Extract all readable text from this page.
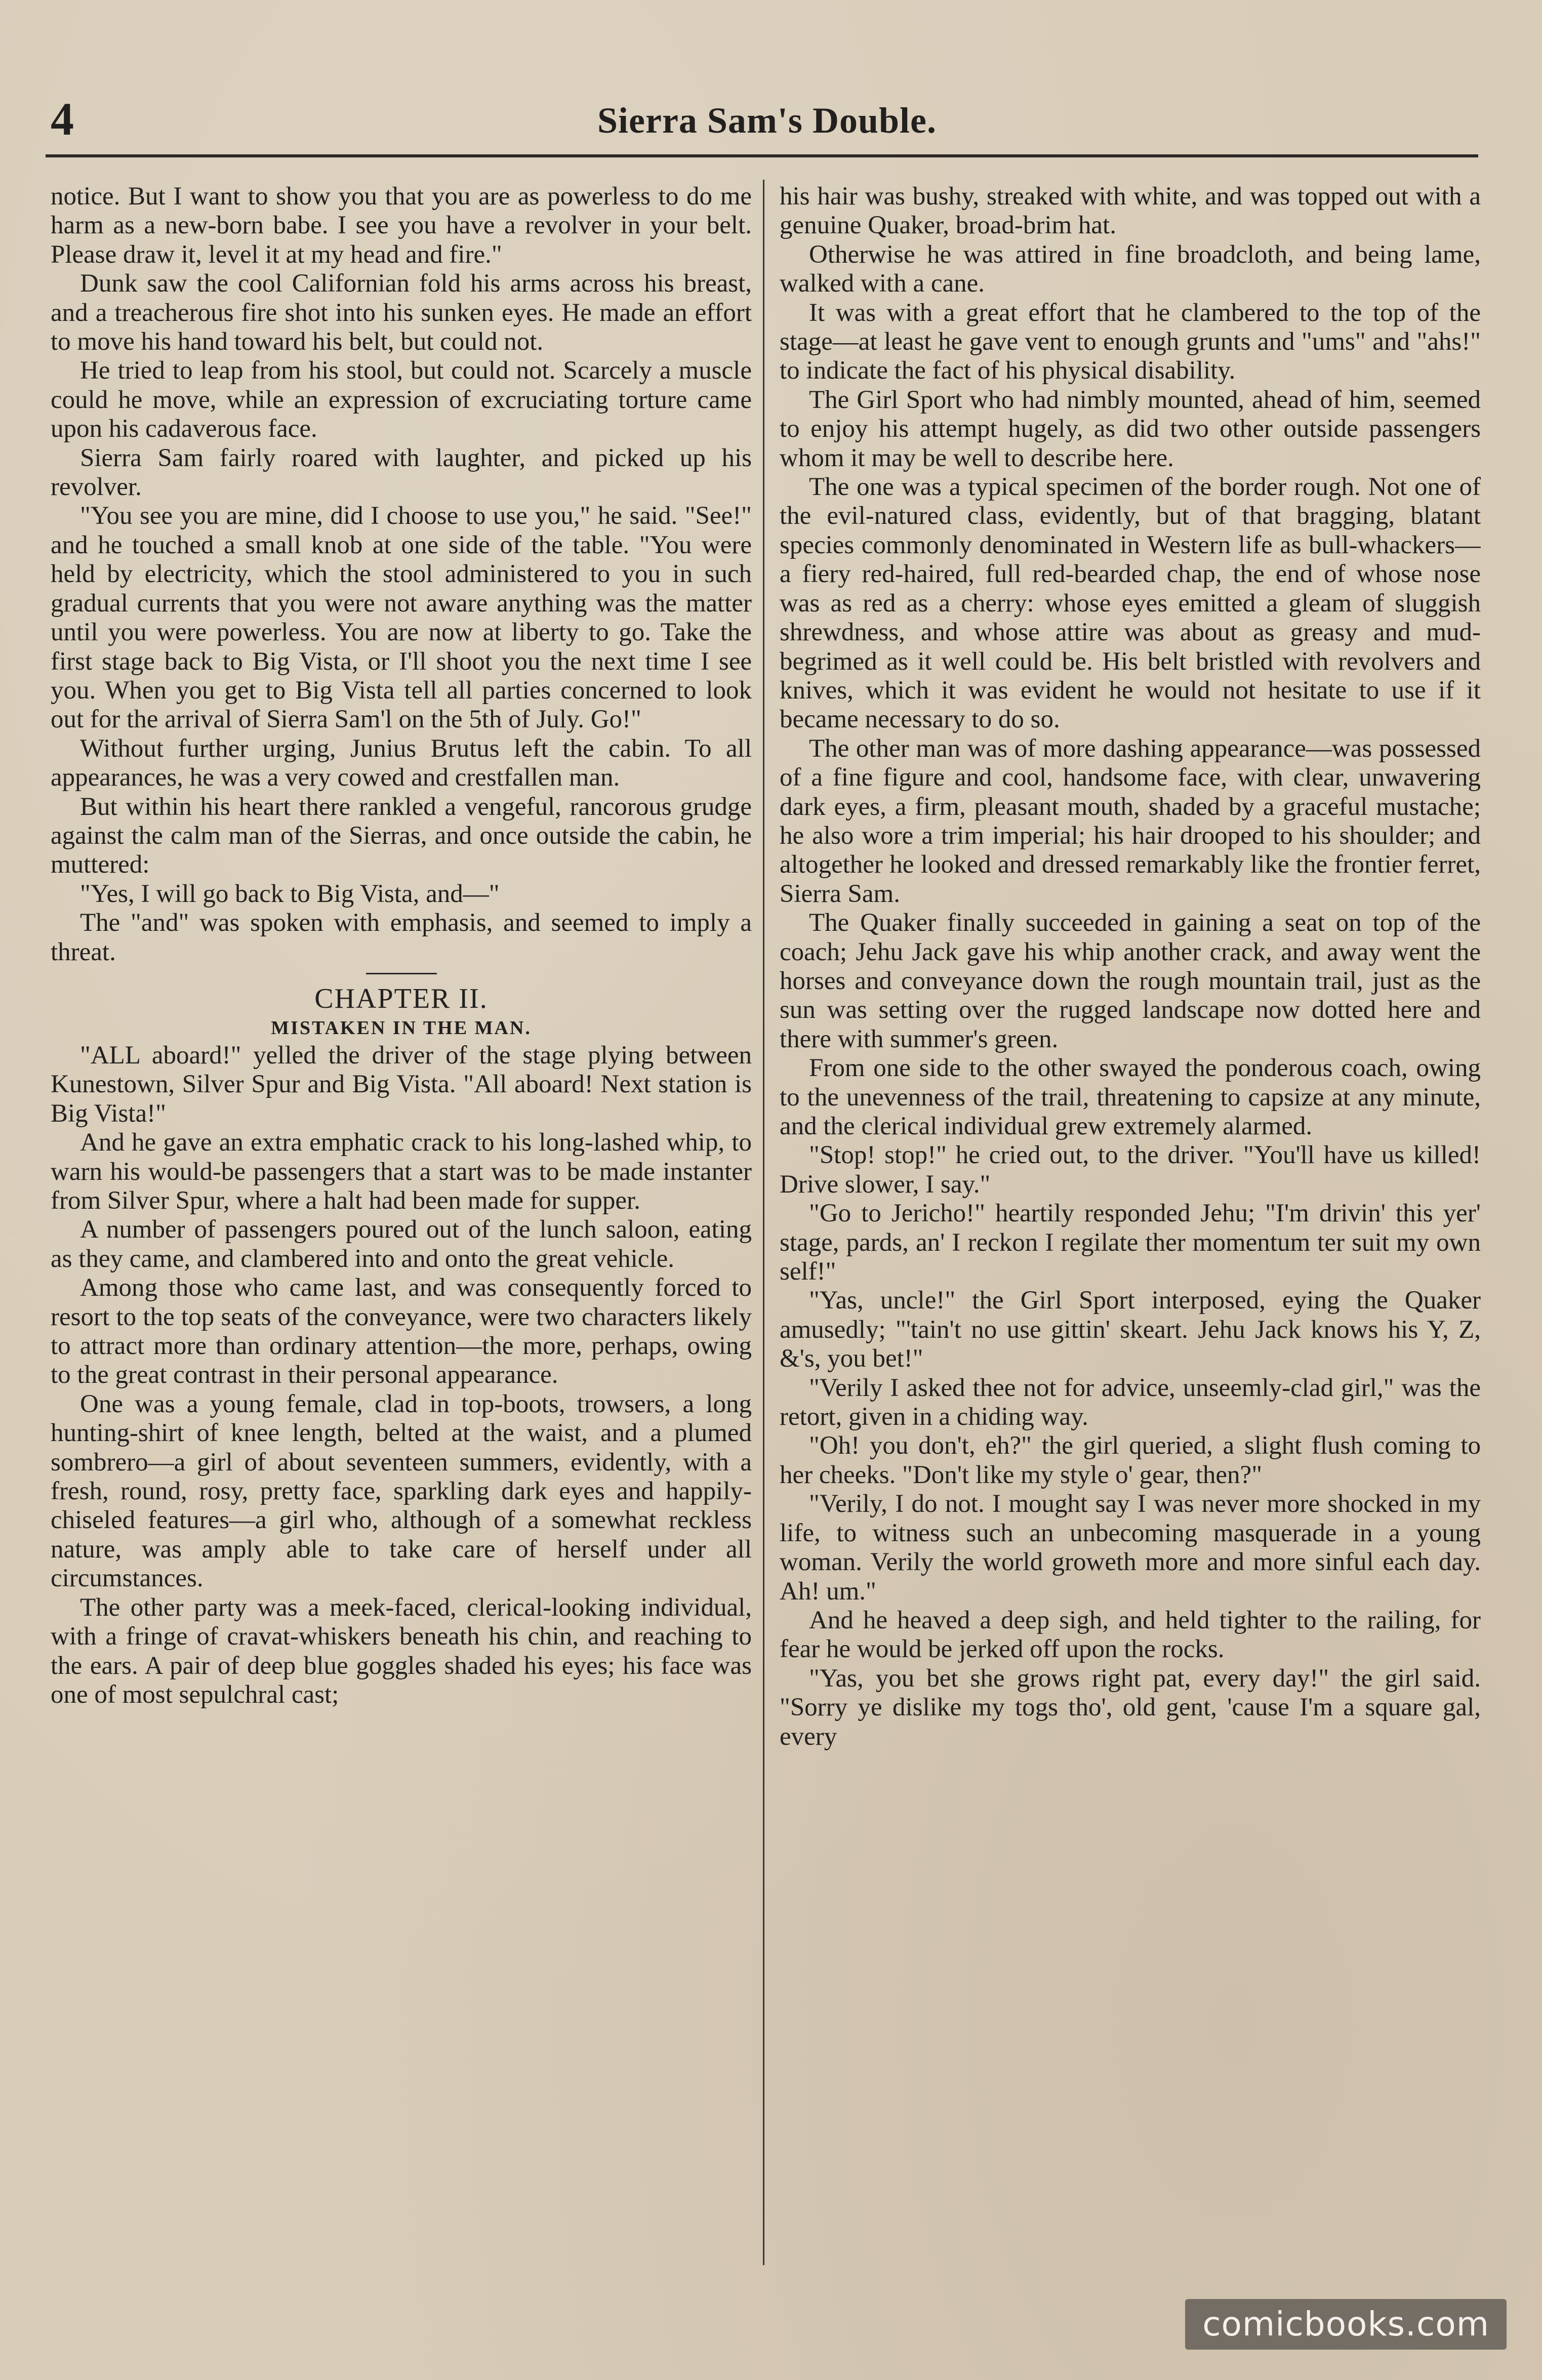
4	Sierra Sam's Double.

notice. But I want to show you that you are as powerless to do me harm as a new-born babe. I see you have a revolver in your belt. Please draw it, level it at my head and fire."

Dunk saw the cool Californian fold his arms across his breast, and a treacherous fire shot into his sunken eyes. He made an effort to move his hand toward his belt, but could not.

He tried to leap from his stool, but could not. Scarcely a muscle could he move, while an expression of excruciating torture came upon his cadaverous face.

Sierra Sam fairly roared with laughter, and picked up his revolver.

"You see you are mine, did I choose to use you," he said. "See!" and he touched a small knob at one side of the table. "You were held by electricity, which the stool administered to you in such gradual currents that you were not aware anything was the matter until you were powerless. You are now at liberty to go. Take the first stage back to Big Vista, or I'll shoot you the next time I see you. When you get to Big Vista tell all parties concerned to look out for the arrival of Sierra Sam'l on the 5th of July. Go!"

Without further urging, Junius Brutus left the cabin. To all appearances, he was a very cowed and crestfallen man.

But within his heart there rankled a vengeful, rancorous grudge against the calm man of the Sierras, and once outside the cabin, he muttered:

"Yes, I will go back to Big Vista, and—"

The "and" was spoken with emphasis, and seemed to imply a threat.

CHAPTER II.
MISTAKEN IN THE MAN.

"ALL aboard!" yelled the driver of the stage plying between Kunestown, Silver Spur and Big Vista. "All aboard! Next station is Big Vista!"

And he gave an extra emphatic crack to his long-lashed whip, to warn his would-be passengers that a start was to be made instanter from Silver Spur, where a halt had been made for supper.

A number of passengers poured out of the lunch saloon, eating as they came, and clambered into and onto the great vehicle.

Among those who came last, and was consequently forced to resort to the top seats of the conveyance, were two characters likely to attract more than ordinary attention—the more, perhaps, owing to the great contrast in their personal appearance.

One was a young female, clad in top-boots, trowsers, a long hunting-shirt of knee length, belted at the waist, and a plumed sombrero—a girl of about seventeen summers, evidently, with a fresh, round, rosy, pretty face, sparkling dark eyes and happily-chiseled features—a girl who, although of a somewhat reckless nature, was amply able to take care of herself under all circumstances.

The other party was a meek-faced, clerical-looking individual, with a fringe of cravat-whiskers beneath his chin, and reaching to the ears. A pair of deep blue goggles shaded his eyes; his face was one of most sepulchral cast;

his hair was bushy, streaked with white, and was topped out with a genuine Quaker, broad-brim hat.

Otherwise he was attired in fine broadcloth, and being lame, walked with a cane.

It was with a great effort that he clambered to the top of the stage—at least he gave vent to enough grunts and "ums" and "ahs!" to indicate the fact of his physical disability.

The Girl Sport who had nimbly mounted, ahead of him, seemed to enjoy his attempt hugely, as did two other outside passengers whom it may be well to describe here.

The one was a typical specimen of the border rough. Not one of the evil-natured class, evidently, but of that bragging, blatant species commonly denominated in Western life as bull-whackers—a fiery red-haired, full red-bearded chap, the end of whose nose was as red as a cherry: whose eyes emitted a gleam of sluggish shrewdness, and whose attire was about as greasy and mud-begrimed as it well could be. His belt bristled with revolvers and knives, which it was evident he would not hesitate to use if it became necessary to do so.

The other man was of more dashing appearance—was possessed of a fine figure and cool, handsome face, with clear, unwavering dark eyes, a firm, pleasant mouth, shaded by a graceful mustache; he also wore a trim imperial; his hair drooped to his shoulder; and altogether he looked and dressed remarkably like the frontier ferret, Sierra Sam.

The Quaker finally succeeded in gaining a seat on top of the coach; Jehu Jack gave his whip another crack, and away went the horses and conveyance down the rough mountain trail, just as the sun was setting over the rugged landscape now dotted here and there with summer's green.

From one side to the other swayed the ponderous coach, owing to the unevenness of the trail, threatening to capsize at any minute, and the clerical individual grew extremely alarmed.

"Stop! stop!" he cried out, to the driver. "You'll have us killed! Drive slower, I say."

"Go to Jericho!" heartily responded Jehu; "I'm drivin' this yer' stage, pards, an' I reckon I regilate ther momentum ter suit my own self!"

"Yas, uncle!" the Girl Sport interposed, eying the Quaker amusedly; "'tain't no use gittin' skeart. Jehu Jack knows his Y, Z, &'s, you bet!"

"Verily I asked thee not for advice, unseemly-clad girl," was the retort, given in a chiding way.

"Oh! you don't, eh?" the girl queried, a slight flush coming to her cheeks. "Don't like my style o' gear, then?"

"Verily, I do not. I mought say I was never more shocked in my life, to witness such an unbecoming masquerade in a young woman. Verily the world groweth more and more sinful each day. Ah! um."

And he heaved a deep sigh, and held tighter to the railing, for fear he would be jerked off upon the rocks.

"Yas, you bet she grows right pat, every day!" the girl said. "Sorry ye dislike my togs tho', old gent, 'cause I'm a square gal, every

comicbooks.com
